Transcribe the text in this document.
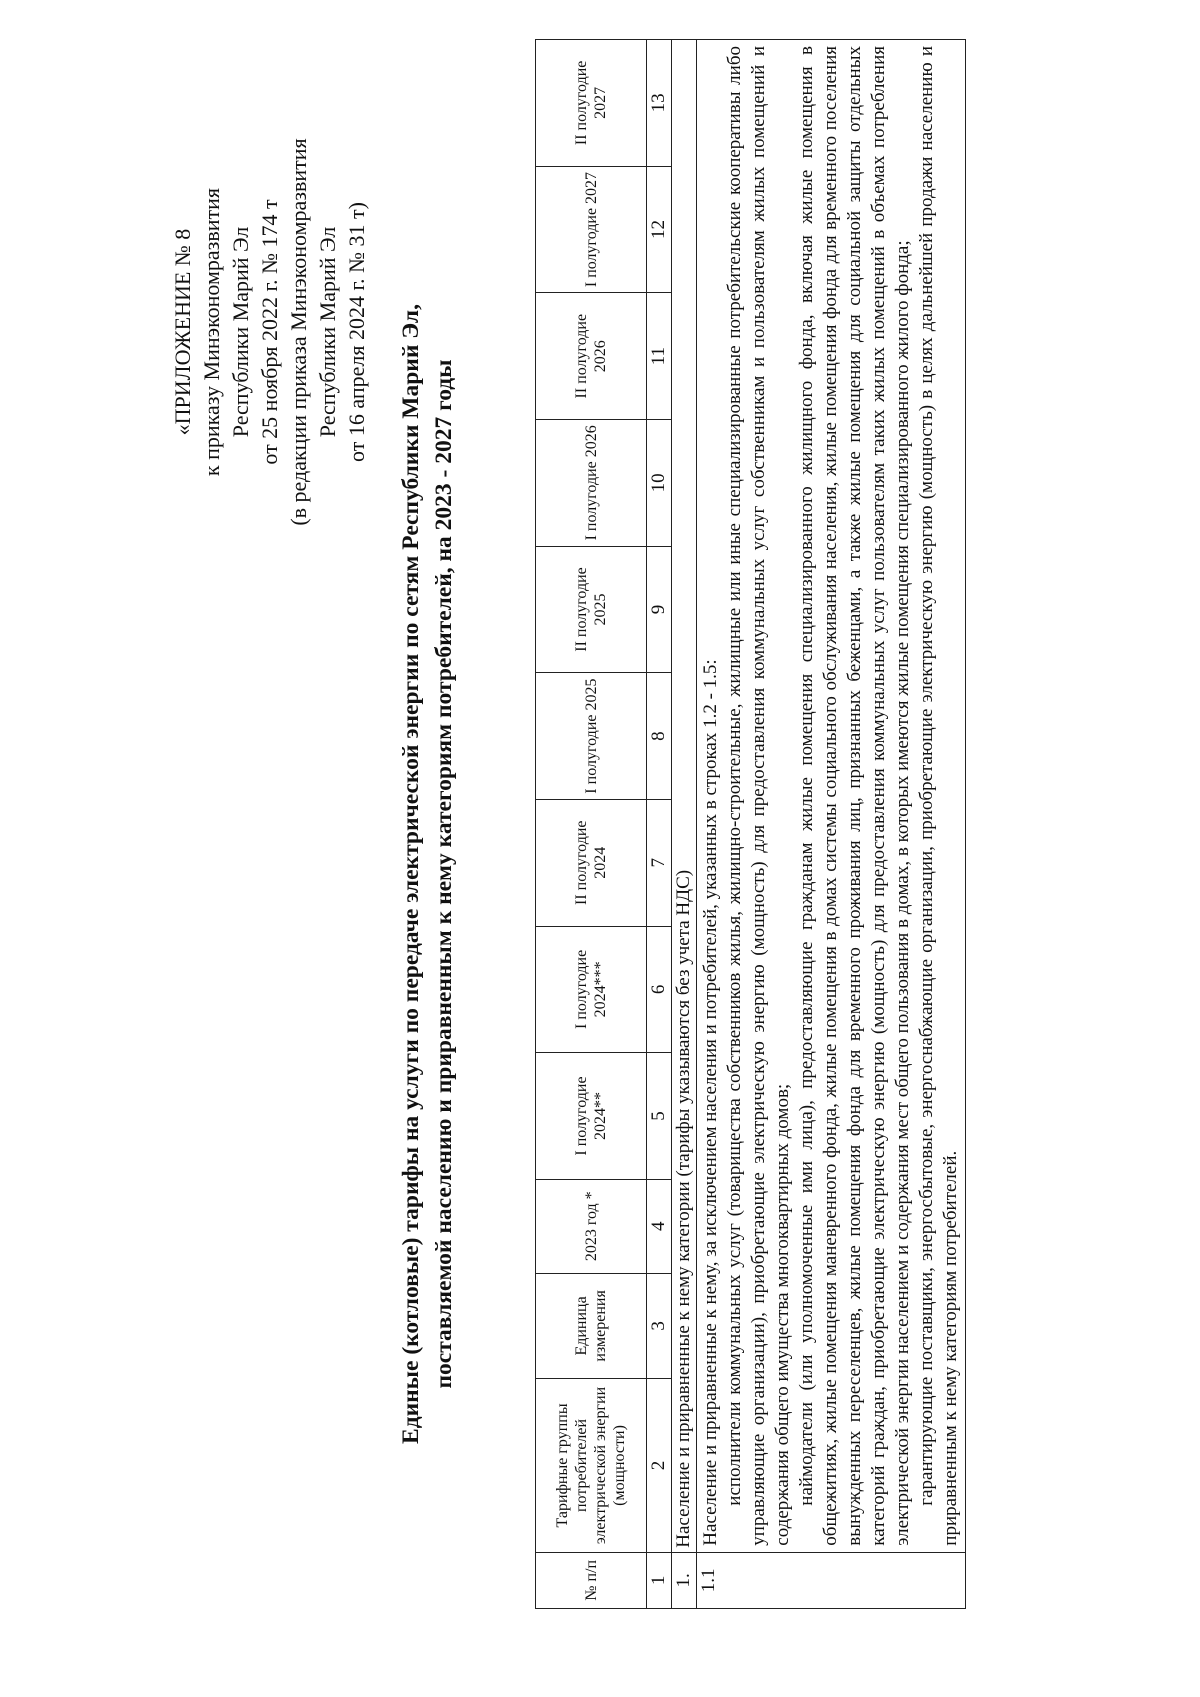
«ПРИЛОЖЕНИЕ № 8 к приказу Минэкономразвития Республики Марий Эл от 25 ноября 2022 г. № 174 т (в редакции приказа Минэкономразвития Республики Марий Эл от 16 апреля 2024 г. № 31 т) Единые (котловые) тарифы на услуги по передаче электрической энергии по сетям Республики Марий Эл, поставляемой населению и приравненным к нему категориям потребителей, на 2023 - 2027 годы
№ п/п	Тарифные группы потребителей электрической энергии (мощности)	Единица измерения	2023 год *	I полугодие 2024**	I полугодие 2024***	II полугодие 2024	I полугодие 2025	II полугодие 2025	I полугодие 2026	II полугодие 2026	I полугодие 2027	II полугодие 2027
1	2	3	4	5	6	7	8	9	10	11	12	13
1.	Население и приравненные к нему категории (тарифы указываются без учета НДС)											
1.1	Население и приравненные к нему, за исключением населения и потребителей, указанных в строках 1.2 - 1.5: исполнители коммунальных услуг (товарищества собственников жилья, жилищно-строительные, жилищные или иные специализированные потребительские кооперативы либо управляющие организации), приобретающие электрическую энергию (мощность) для предоставления коммунальных услуг собственникам и пользователям жилых помещений и содержания общего имущества многоквартирных домов; наймодатели (или уполномоченные ими лица), предоставляющие гражданам жилые помещения специализированного жилищного фонда, включая жилые помещения в общежитиях, жилые помещения маневренного фонда, жилые помещения в домах системы социального обслуживания населения, жилые помещения фонда для временного поселения вынужденных переселенцев, жилые помещения фонда для временного проживания лиц, признанных беженцами, а также жилые помещения для социальной защиты отдельных категорий граждан, приобретающие электрическую энергию (мощность) для предоставления коммунальных услуг пользователям таких жилых помещений в объемах потребления электрической энергии населением и содержания мест общего пользования в домах, в которых имеются жилые помещения специализированного жилого фонда; гарантирующие поставщики, энергосбытовые, энергоснабжающие организации, приобретающие электрическую энергию (мощность) в целях дальнейшей продажи населению и приравненным к нему категориям потребителей.											
